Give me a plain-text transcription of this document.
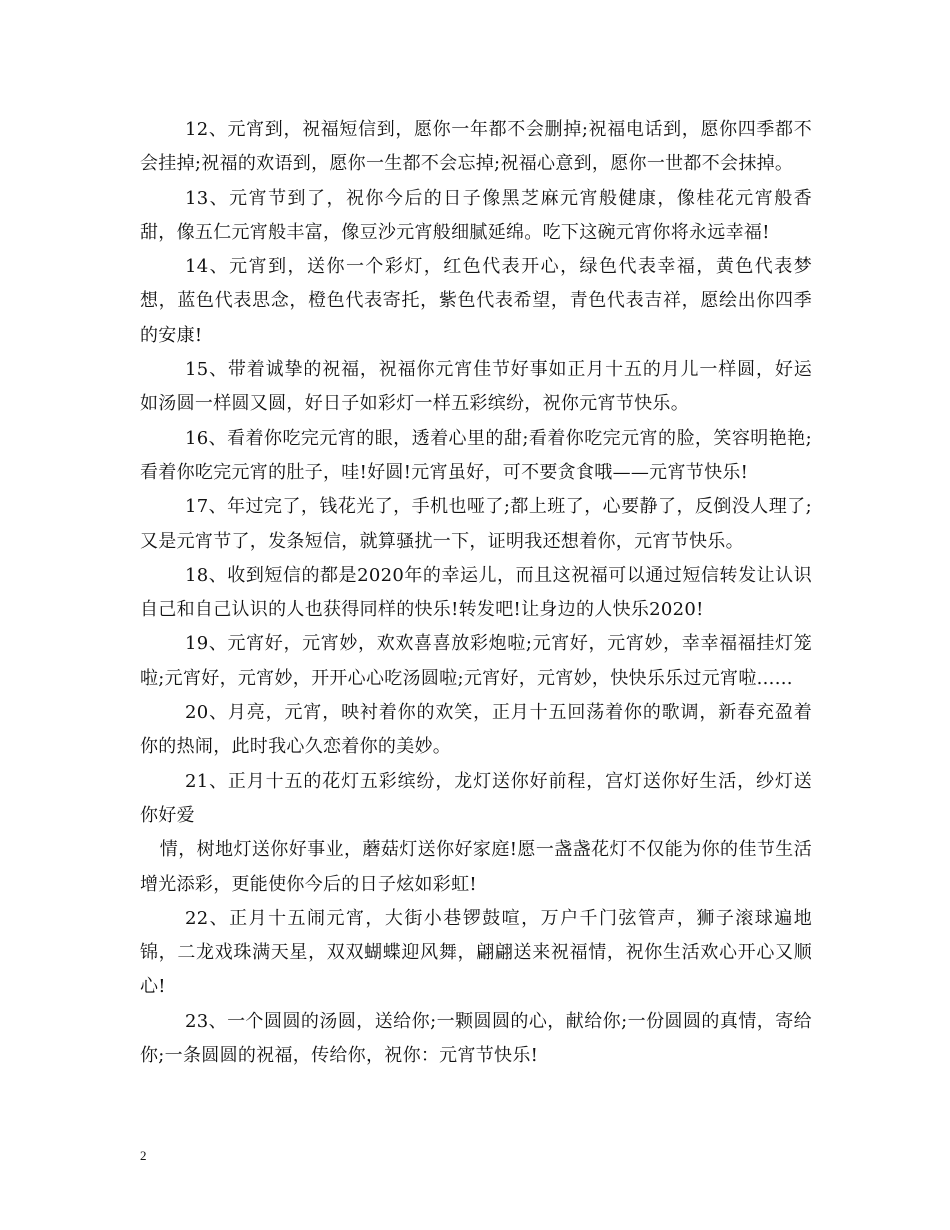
12、元宵到，祝福短信到，愿你一年都不会删掉;祝福电话到，愿你四季都不会挂掉;祝福的欢语到，愿你一生都不会忘掉;祝福心意到，愿你一世都不会抹掉。

13、元宵节到了，祝你今后的日子像黑芝麻元宵般健康，像桂花元宵般香甜，像五仁元宵般丰富，像豆沙元宵般细腻延绵。吃下这碗元宵你将永远幸福!

14、元宵到，送你一个彩灯，红色代表开心，绿色代表幸福，黄色代表梦想，蓝色代表思念，橙色代表寄托，紫色代表希望，青色代表吉祥，愿绘出你四季的安康!

15、带着诚挚的祝福，祝福你元宵佳节好事如正月十五的月儿一样圆，好运如汤圆一样圆又圆，好日子如彩灯一样五彩缤纷，祝你元宵节快乐。

16、看着你吃完元宵的眼，透着心里的甜;看着你吃完元宵的脸，笑容明艳艳;看着你吃完元宵的肚子，哇!好圆!元宵虽好，可不要贪食哦——元宵节快乐!

17、年过完了，钱花光了，手机也哑了;都上班了，心要静了，反倒没人理了;又是元宵节了，发条短信，就算骚扰一下，证明我还想着你，元宵节快乐。

18、收到短信的都是2020年的幸运儿，而且这祝福可以通过短信转发让认识自己和自己认识的人也获得同样的快乐!转发吧!让身边的人快乐2020!

19、元宵好，元宵妙，欢欢喜喜放彩炮啦;元宵好，元宵妙，幸幸福福挂灯笼啦;元宵好，元宵妙，开开心心吃汤圆啦;元宵好，元宵妙，快快乐乐过元宵啦......

20、月亮，元宵，映衬着你的欢笑，正月十五回荡着你的歌调，新春充盈着你的热闹，此时我心久恋着你的美妙。

21、正月十五的花灯五彩缤纷，龙灯送你好前程，宫灯送你好生活，纱灯送你好爱

情，树地灯送你好事业，蘑菇灯送你好家庭!愿一盏盏花灯不仅能为你的佳节生活增光添彩，更能使你今后的日子炫如彩虹!

22、正月十五闹元宵，大街小巷锣鼓喧，万户千门弦管声，狮子滚球遍地锦，二龙戏珠满天星，双双蝴蝶迎风舞，翩翩送来祝福情，祝你生活欢心开心又顺心!

23、一个圆圆的汤圆，送给你;一颗圆圆的心，献给你;一份圆圆的真情，寄给你;一条圆圆的祝福，传给你，祝你：元宵节快乐!

2
